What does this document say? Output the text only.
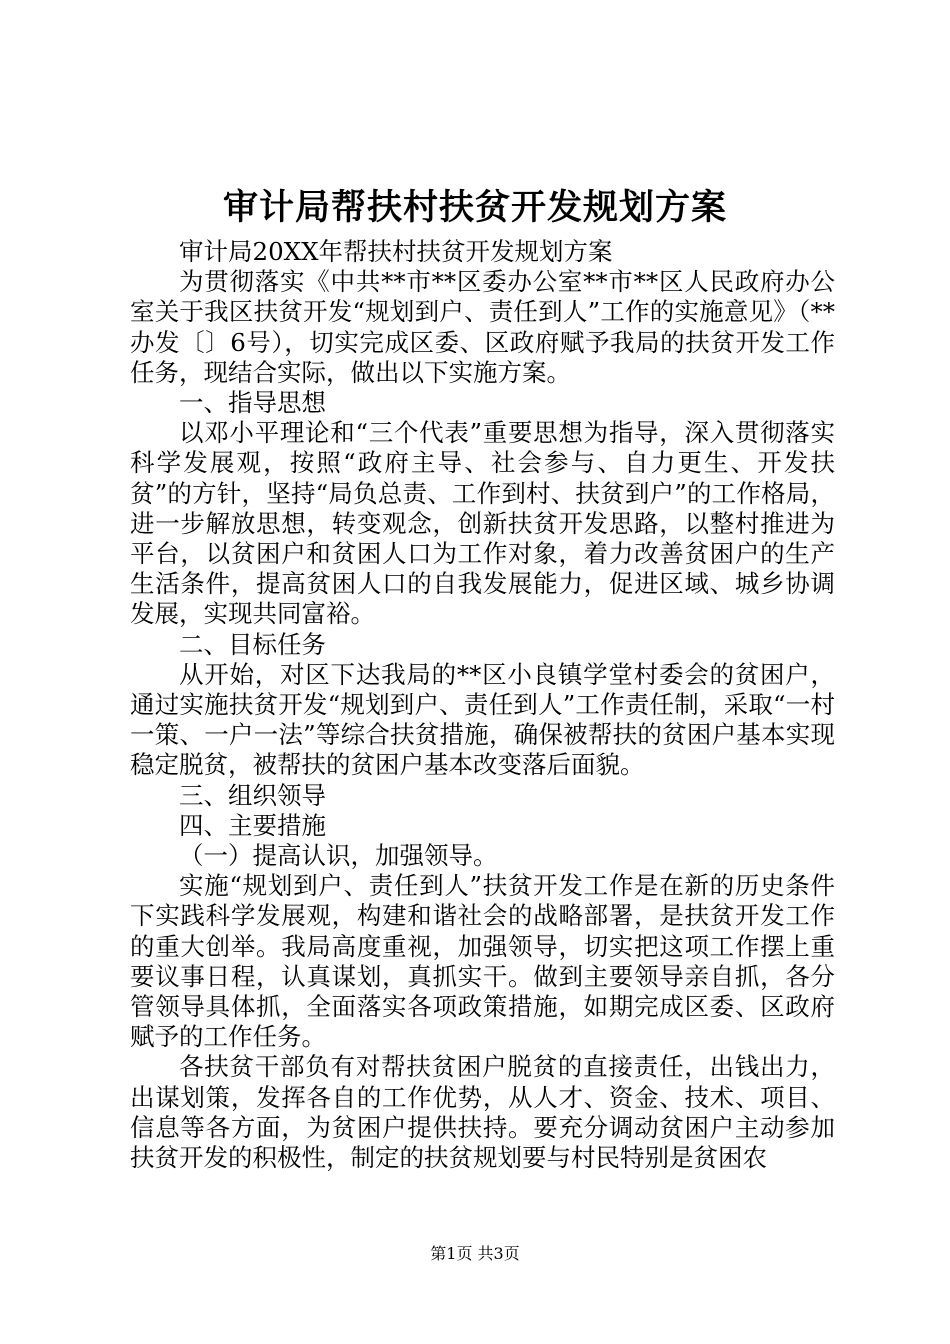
审计局帮扶村扶贫开发规划方案

审计局20XX年帮扶村扶贫开发规划方案

为贯彻落实《中共**市**区委办公室**市**区人民政府办公室关于我区扶贫开发“规划到户、责任到人”工作的实施意见》（**办发〔〕6号），切实完成区委、区政府赋予我局的扶贫开发工作任务，现结合实际，做出以下实施方案。

一、指导思想

以邓小平理论和“三个代表”重要思想为指导，深入贯彻落实科学发展观，按照“政府主导、社会参与、自力更生、开发扶贫”的方针，坚持“局负总责、工作到村、扶贫到户”的工作格局，进一步解放思想，转变观念，创新扶贫开发思路，以整村推进为平台，以贫困户和贫困人口为工作对象，着力改善贫困户的生产生活条件，提高贫困人口的自我发展能力，促进区域、城乡协调发展，实现共同富裕。

二、目标任务

从开始，对区下达我局的**区小良镇学堂村委会的贫困户，通过实施扶贫开发“规划到户、责任到人”工作责任制，采取“一村一策、一户一法”等综合扶贫措施，确保被帮扶的贫困户基本实现稳定脱贫，被帮扶的贫困户基本改变落后面貌。

三、组织领导

四、主要措施

（一）提高认识，加强领导。

实施“规划到户、责任到人”扶贫开发工作是在新的历史条件下实践科学发展观，构建和谐社会的战略部署，是扶贫开发工作的重大创举。我局高度重视，加强领导，切实把这项工作摆上重要议事日程，认真谋划，真抓实干。做到主要领导亲自抓，各分管领导具体抓，全面落实各项政策措施，如期完成区委、区政府赋予的工作任务。

各扶贫干部负有对帮扶贫困户脱贫的直接责任，出钱出力，出谋划策，发挥各自的工作优势，从人才、资金、技术、项目、信息等各方面，为贫困户提供扶持。要充分调动贫困户主动参加扶贫开发的积极性，制定的扶贫规划要与村民特别是贫困农

第1页 共3页
